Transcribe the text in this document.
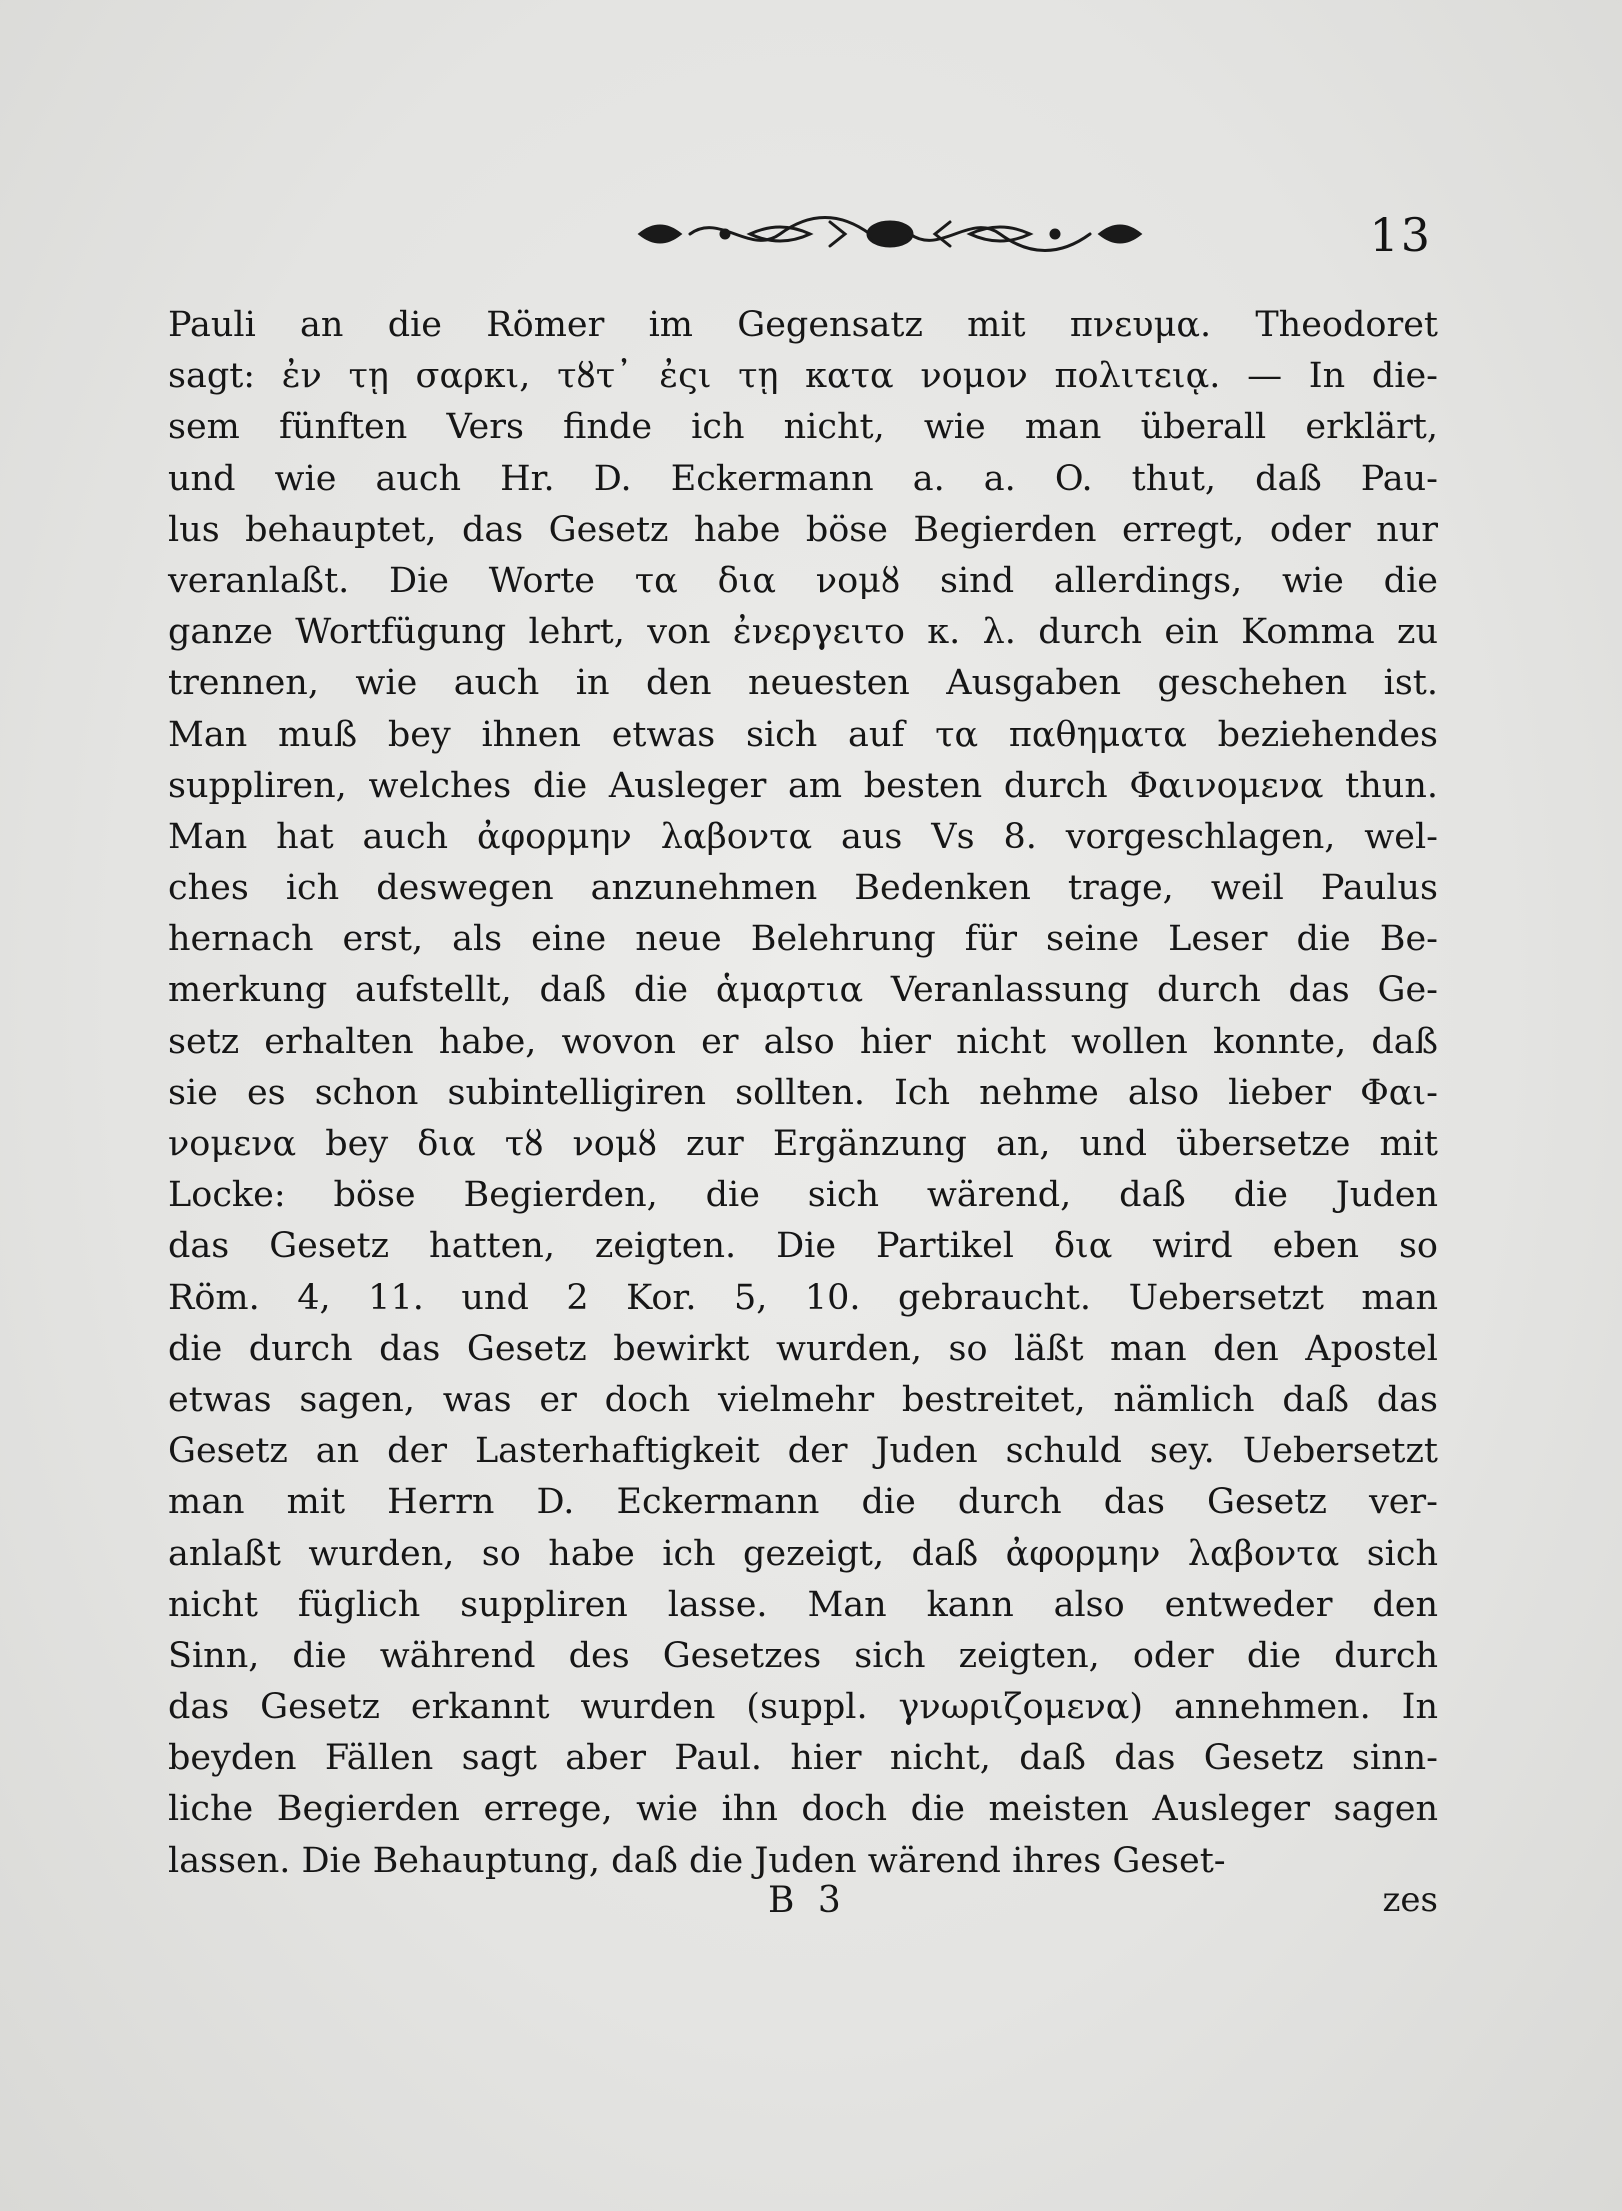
13
Pauli an die Römer im Gegensatz mit πνευμα. Theodoret
sagt: ἐν τῃ σαρκι, τȣτ᾿ ἐςι τῃ κατα νομον πολιτειᾳ. — In die-
sem fünften Vers finde ich nicht, wie man überall erklärt,
und wie auch Hr. D. Eckermann a. a. O. thut, daß Pau-
lus behauptet, das Gesetz habe böse Begierden erregt, oder nur
veranlaßt. Die Worte τα δια νομȣ sind allerdings, wie die
ganze Wortfügung lehrt, von ἐνεργειτο κ. λ. durch ein Komma zu
trennen, wie auch in den neuesten Ausgaben geschehen ist.
Man muß bey ihnen etwas sich auf τα παθηματα beziehendes
suppliren, welches die Ausleger am besten durch Φαινομενα thun.
Man hat auch ἀφορμην λαβοντα aus Vs 8. vorgeschlagen, wel-
ches ich deswegen anzunehmen Bedenken trage, weil Paulus
hernach erst, als eine neue Belehrung für seine Leser die Be-
merkung aufstellt, daß die ἁμαρτια Veranlassung durch das Ge-
setz erhalten habe, wovon er also hier nicht wollen konnte, daß
sie es schon subintelligiren sollten. Ich nehme also lieber Φαι-
νομενα bey δια τȣ νομȣ zur Ergänzung an, und übersetze mit
Locke: böse Begierden, die sich wärend, daß die Juden
das Gesetz hatten, zeigten. Die Partikel δια wird eben so
Röm. 4, 11. und 2 Kor. 5, 10. gebraucht. Uebersetzt man
die durch das Gesetz bewirkt wurden, so läßt man den Apostel
etwas sagen, was er doch vielmehr bestreitet, nämlich daß das
Gesetz an der Lasterhaftigkeit der Juden schuld sey. Uebersetzt
man mit Herrn D. Eckermann die durch das Gesetz ver-
anlaßt wurden, so habe ich gezeigt, daß ἀφορμην λαβοντα sich
nicht füglich suppliren lasse. Man kann also entweder den
Sinn, die während des Gesetzes sich zeigten, oder die durch
das Gesetz erkannt wurden (suppl. γνωριζομενα) annehmen. In
beyden Fällen sagt aber Paul. hier nicht, daß das Gesetz sinn-
liche Begierden errege, wie ihn doch die meisten Ausleger sagen
lassen. Die Behauptung, daß die Juden wärend ihres Geset-
B 3	zes
